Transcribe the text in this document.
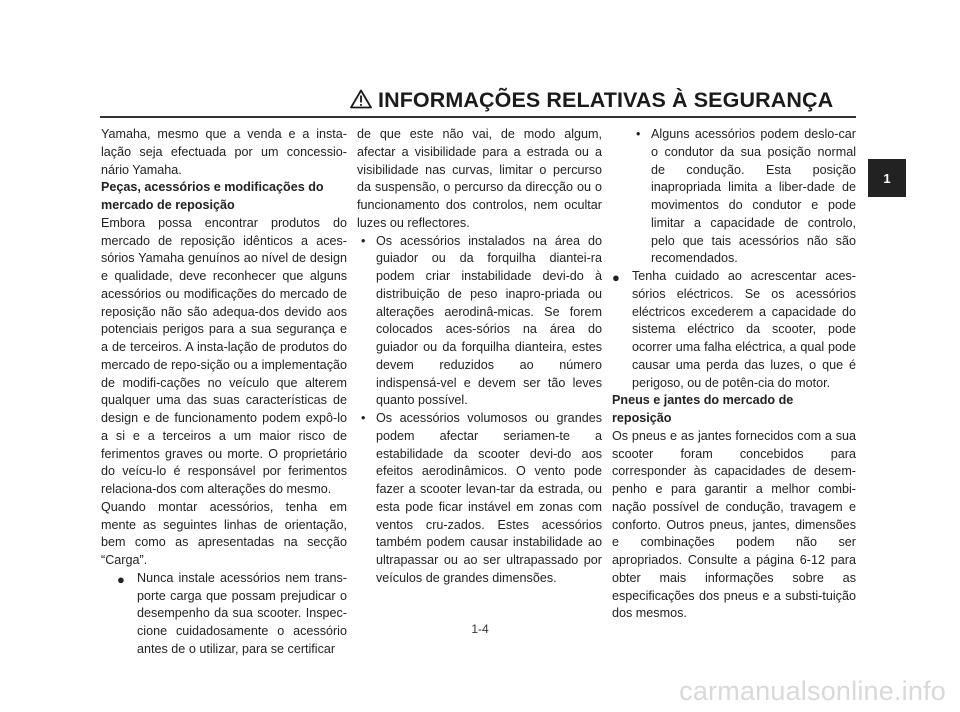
INFORMAÇÕES RELATIVAS À SEGURANÇA

Yamaha, mesmo que a venda e a insta-lação seja efectuada por um concessio-nário Yamaha.

Peças, acessórios e modificações do mercado de reposição

Embora possa encontrar produtos do mercado de reposição idênticos a aces-sórios Yamaha genuínos ao nível de design e qualidade, deve reconhecer que alguns acessórios ou modificações do mercado de reposição não são adequa-dos devido aos potenciais perigos para a sua segurança e a de terceiros. A insta-lação de produtos do mercado de repo-sição ou a implementação de modifi-cações no veículo que alterem qualquer uma das suas características de design e de funcionamento podem expô-lo a si e a terceiros a um maior risco de ferimentos graves ou morte. O proprietário do veícu-lo é responsável por ferimentos relaciona-dos com alterações do mesmo.

Quando montar acessórios, tenha em mente as seguintes linhas de orientação, bem como as apresentadas na secção “Carga”.

● Nunca instale acessórios nem trans-porte carga que possam prejudicar o desempenho da sua scooter. Inspec-cione cuidadosamente o acessório antes de o utilizar, para se certificar

de que este não vai, de modo algum, afectar a visibilidade para a estrada ou a visibilidade nas curvas, limitar o percurso da suspensão, o percurso da direcção ou o funcionamento dos controlos, nem ocultar luzes ou reflectores.

• Os acessórios instalados na área do guiador ou da forquilha diantei-ra podem criar instabilidade devi-do à distribuição de peso inapro-priada ou alterações aerodinâ-micas. Se forem colocados aces-sórios na área do guiador ou da forquilha dianteira, estes devem reduzidos ao número indispensá-vel e devem ser tão leves quanto possível.
• Os acessórios volumosos ou grandes podem afectar seriamen-te a estabilidade da scooter devi-do aos efeitos aerodinâmicos. O vento pode fazer a scooter levan-tar da estrada, ou esta pode ficar instável em zonas com ventos cru-zados. Estes acessórios também podem causar instabilidade ao ultrapassar ou ao ser ultrapassado por veículos de grandes dimensões.
• Alguns acessórios podem deslo-car o condutor da sua posição normal de condução. Esta posição inapropriada limita a liber-dade de movimentos do condutor e pode limitar a capacidade de controlo, pelo que tais acessórios não são recomendados.
● Tenha cuidado ao acrescentar aces-sórios eléctricos. Se os acessórios eléctricos excederem a capacidade do sistema eléctrico da scooter, pode ocorrer uma falha eléctrica, a qual pode causar uma perda das luzes, o que é perigoso, ou de potên-cia do motor.

Pneus e jantes do mercado de reposição

Os pneus e as jantes fornecidos com a sua scooter foram concebidos para corresponder às capacidades de desem-penho e para garantir a melhor combi-nação possível de condução, travagem e conforto. Outros pneus, jantes, dimensões e combinações podem não ser apropriados. Consulte a página 6-12 para obter mais informações sobre as especificações dos pneus e a substi-tuição dos mesmos.

1
1-4
carmanualsonline.info
